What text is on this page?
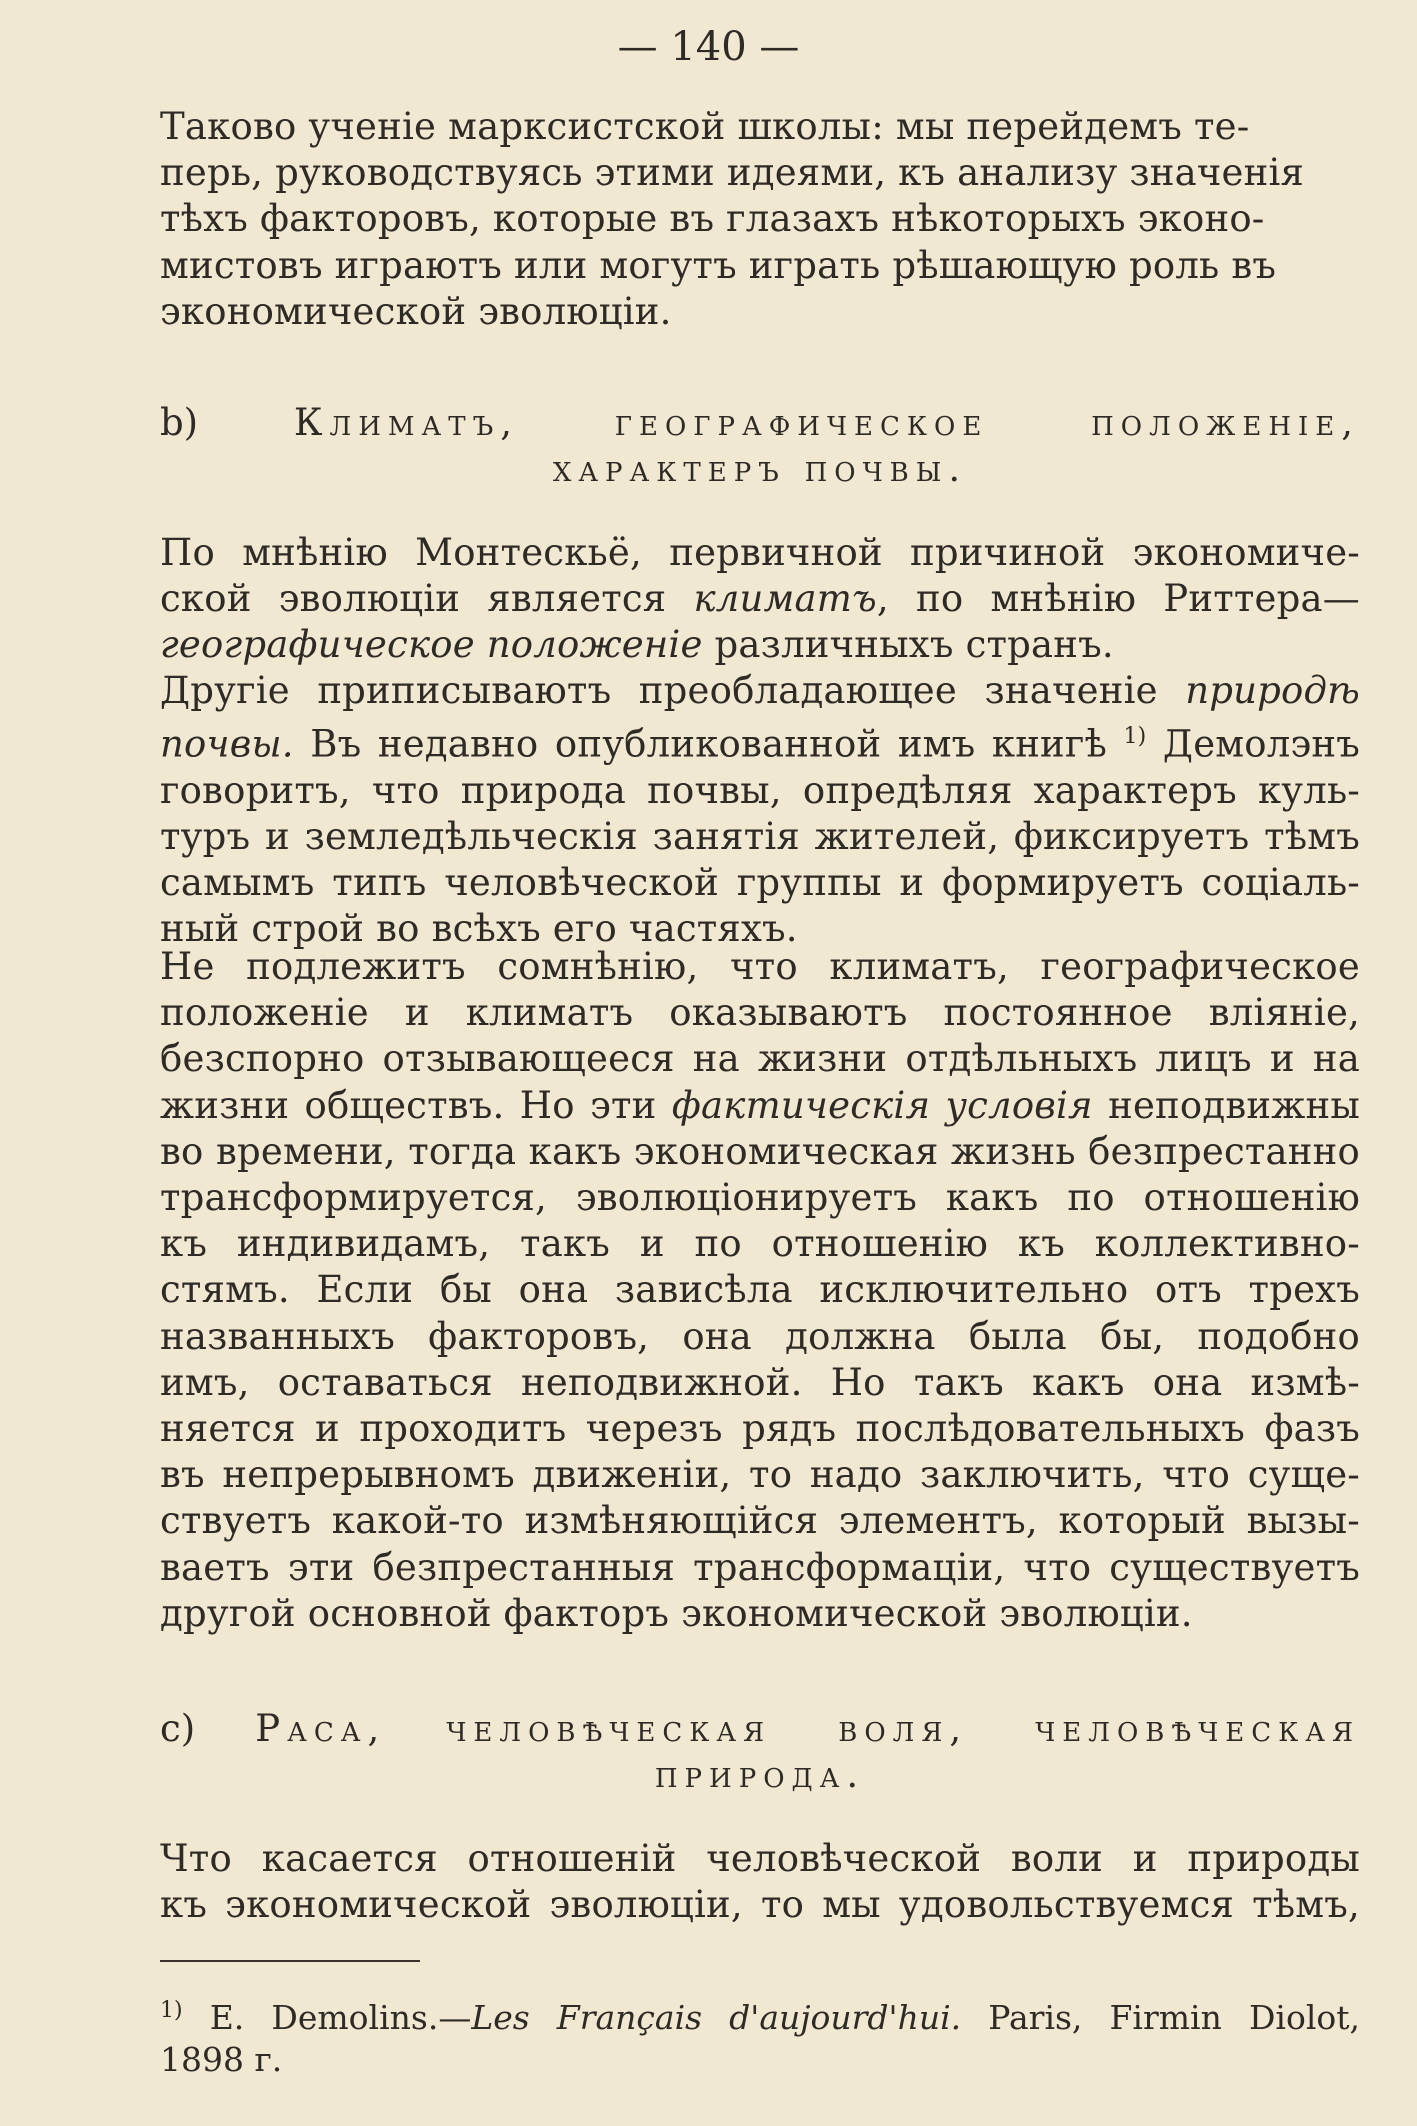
— 140 —
Таково ученіе марксистской школы: мы перейдемъ те-
перь, руководствуясь этими идеями, къ анализу значенія
тѣхъ факторовъ, которые въ глазахъ нѣкоторыхъ эконо-
мистовъ играютъ или могутъ играть рѣшающую роль въ
экономической эволюціи.
b)	Климатъ,	географическое положеніе,
характеръ почвы.
По мнѣнію Монтескьё, первичной причиной экономиче-
ской эволюціи является климатъ, по мнѣнію Риттера—
географическое положеніе различныхъ странъ.
Другіе приписываютъ преобладающее значеніе природѣ
почвы. Въ недавно опубликованной имъ книгѣ $^{1)}$ Демолэнъ
говоритъ, что природа почвы, опредѣляя характеръ куль-
туръ и земледѣльческія занятія жителей, фиксируетъ тѣмъ
самымъ типъ человѣческой группы и формируетъ соціаль-
ный строй во всѣхъ его частяхъ.
Не подлежитъ сомнѣнію, что климатъ, географическое
положеніе и климатъ оказываютъ постоянное вліяніе,
безспорно отзывающееся на жизни отдѣльныхъ лицъ и на
жизни обществъ. Но эти фактическія условія неподвижны
во времени, тогда какъ экономическая жизнь безпрестанно
трансформируется, эволюціонируетъ какъ по отношенію
къ индивидамъ, такъ и по отношенію къ коллективно-
стямъ. Если бы она зависѣла исключительно отъ трехъ
названныхъ факторовъ, она должна была бы, подобно
имъ, оставаться неподвижной. Но такъ какъ она измѣ-
няется и проходитъ черезъ рядъ послѣдовательныхъ фазъ
въ непрерывномъ движеніи, то надо заключить, что суще-
ствуетъ какой-то измѣняющійся элементъ, который вызы-
ваетъ эти безпрестанныя трансформаціи, что существуетъ
другой основной факторъ экономической эволюціи.
c) Раса, человѣческая воля, человѣческая
природа.
Что касается отношеній человѣческой воли и природы
къ экономической эволюціи, то мы удовольствуемся тѣмъ,
$^{1)}$ E. Demolins.—Les Français d'aujourd'hui. Paris, Firmin Diolot,
1898 г.
